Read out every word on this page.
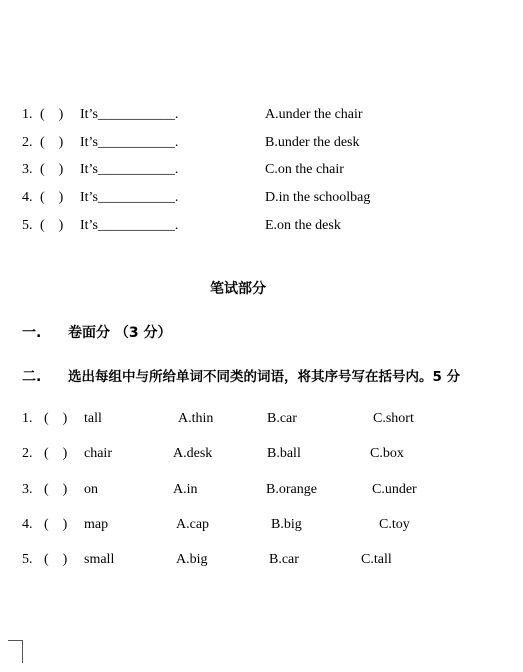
1. (　) It’s___________.	A.under the chair
2. (　) It’s___________.	B.under the desk
3. (　) It’s___________.	C.on the chair
4. (　) It’s___________.	D.in the schoolbag
5. (　) It’s___________.	E.on the desk
笔试部分
一. 卷面分 （3 分）
二. 选出每组中与所给单词不同类的词语，将其序号写在括号内。5 分
1. (　) tall	A.thin	B.car	C.short
2. (　) chair	A.desk	B.ball	C.box
3. (　) on	A.in	B.orange	C.under
4. (　) map	A.cap	B.big	C.toy
5. (　) small	A.big	B.car	C.tall
